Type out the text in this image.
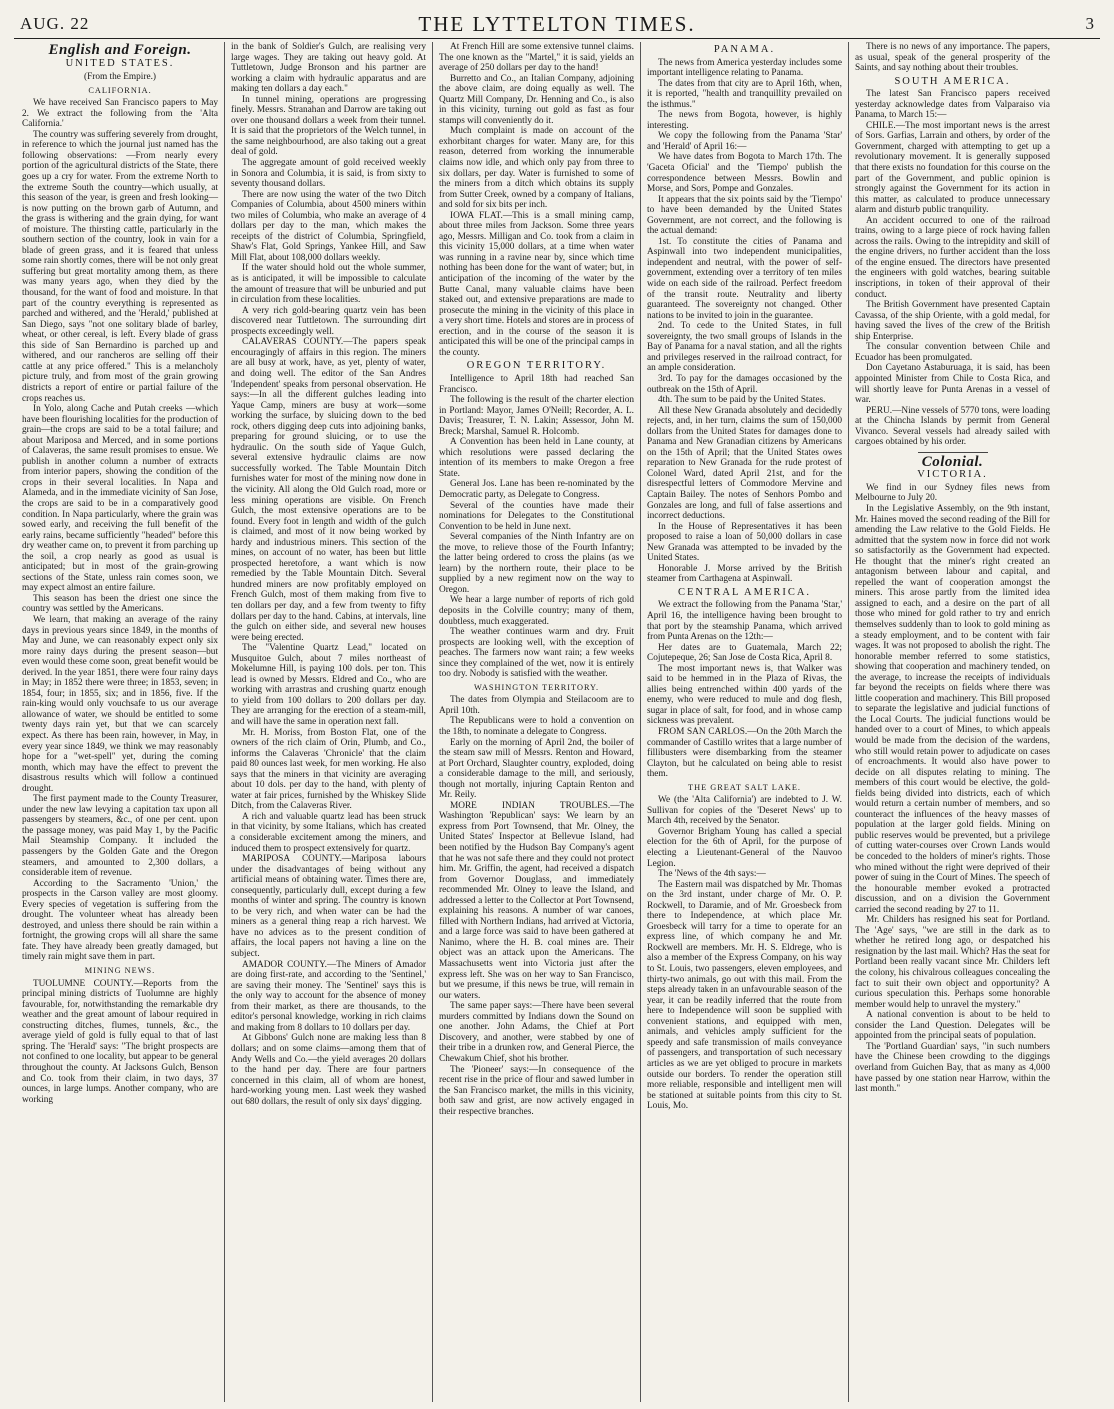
AUG. 22	THE LYTTELTON TIMES.	3
English and Foreign.
UNITED STATES.
(From the Empire.)
CALIFORNIA.

We have received San Francisco papers to May 2. We extract the following from the 'Alta California.'

The country was suffering severely from drought, in reference to which the journal just named has the following observations: —From nearly every portion of the agricultural districts of the State, there goes up a cry for water. From the extreme North to the extreme South the country—which usually, at this season of the year, is green and fresh looking—is now putting on the brown garb of Autumn, and the grass is withering and the grain dying, for want of moisture. The thirsting cattle, particularly in the southern section of the country, look in vain for a blade of green grass, and it is feared that unless some rain shortly comes, there will be not only great suffering but great mortality among them, as there was many years ago, when they died by the thousand, for the want of food and moisture. In that part of the country everything is represented as parched and withered, and the 'Herald,' published at San Diego, says "not one solitary blade of barley, wheat, or other cereal, is left. Every blade of grass this side of San Bernardino is parched up and withered, and our rancheros are selling off their cattle at any price offered." This is a melancholy picture truly, and from most of the grain growing districts a report of entire or partial failure of the crops reaches us.

In Yolo, along Cache and Putah creeks —which have been flourishing localities for the production of grain—the crops are said to be a total failure; and about Mariposa and Merced, and in some portions of Calaveras, the same result promises to ensue. We publish in another column a number of extracts from interior papers, showing the condition of the crops in their several localities. In Napa and Alameda, and in the immediate vicinity of San Jose, the crops are said to be in a comparatively good condition. In Napa particularly, where the grain was sowed early, and receiving the full benefit of the early rains, became sufficiently "headed" before this dry weather came on, to prevent it from parching up the soil, a crop nearly as good as usual is anticipated; but in most of the grain-growing sections of the State, unless rain comes soon, we may expect almost an entire failure.

This season has been the driest one since the country was settled by the Americans.

We learn, that making an average of the rainy days in previous years since 1849, in the months of May and June, we can reasonably expect only six more rainy days during the present season—but even would these come soon, great benefit would be derived. In the year 1851, there were four rainy days in May; in 1852 there were three; in 1853, seven; in 1854, four; in 1855, six; and in 1856, five. If the rain-king would only vouchsafe to us our average allowance of water, we should be entitled to some twenty days rain yet, but that we can scarcely expect. As there has been rain, however, in May, in every year since 1849, we think we may reasonably hope for a "wet-spell" yet, during the coming month, which may have the effect to prevent the disastrous results which will follow a continued drought.

The first payment made to the County Treasurer, under the new law levying a capitation tax upon all passengers by steamers, &c., of one per cent. upon the passage money, was paid May 1, by the Pacific Mail Steamship Company. It included the passengers by the Golden Gate and the Oregon steamers, and amounted to 2,300 dollars, a considerable item of revenue.

According to the Sacramento 'Union,' the prospects in the Carson valley are most gloomy. Every species of vegetation is suffering from the drought. The volunteer wheat has already been destroyed, and unless there should be rain within a fortnight, the growing crops will all share the same fate. They have already been greatly damaged, but timely rain might save them in part.

MINING NEWS.

TUOLUMNE COUNTY.—Reports from the principal mining districts of Tuolumne are highly favourable, for, notwithstanding the remarkable dry weather and the great amount of labour required in constructing ditches, flumes, tunnels, &c., the average yield of gold is fully equal to that of last spring. The 'Herald' says: "The bright prospects are not confined to one locality, but appear to be general throughout the county. At Jacksons Gulch, Benson and Co. took from their claim, in two days, 37 ounces, in large lumps. Another company, who are working

in the bank of Soldier's Gulch, are realising very large wages. They are taking out heavy gold. At Tuttletown, Judge Bronson and his partner are working a claim with hydraulic apparatus and are making ten dollars a day each."

In tunnel mining, operations are progressing finely. Messrs. Stranahan and Darrow are taking out over one thousand dollars a week from their tunnel. It is said that the proprietors of the Welch tunnel, in the same neighbourhood, are also taking out a great deal of gold.

The aggregate amount of gold received weekly in Sonora and Columbia, it is said, is from sixty to seventy thousand dollars.

There are now using the water of the two Ditch Companies of Columbia, about 4500 miners within two miles of Columbia, who make an average of 4 dollars per day to the man, which makes the receipts of the district of Columbia, Springfield, Shaw's Flat, Gold Springs, Yankee Hill, and Saw Mill Flat, about 108,000 dollars weekly.

If the water should hold out the whole summer, as is anticipated, it will be impossible to calculate the amount of treasure that will be unburied and put in circulation from these localities.

A very rich gold-bearing quartz vein has been discovered near Tuttletown. The surrounding dirt prospects exceedingly well.

CALAVERAS COUNTY.—The papers speak encouragingly of affairs in this region. The miners are all busy at work, have, as yet, plenty of water, and doing well. The editor of the San Andres 'Independent' speaks from personal observation. He says:—In all the different gulches leading into Yaque Camp, miners are busy at work—some working the surface, by sluicing down to the bed rock, others digging deep cuts into adjoining banks, preparing for ground sluicing, or to use the hydraulic. On the south side of Yaque Gulch, several extensive hydraulic claims are now successfully worked. The Table Mountain Ditch furnishes water for most of the mining now done in the vicinity. All along the Old Gulch road, more or less mining operations are visible. On French Gulch, the most extensive operations are to be found. Every foot in length and width of the gulch is claimed, and most of it now being worked by hardy and industrious miners. This section of the mines, on account of no water, has been but little prospected heretofore, a want which is now remedied by the Table Mountain Ditch. Several hundred miners are now profitably employed on French Gulch, most of them making from five to ten dollars per day, and a few from twenty to fifty dollars per day to the hand. Cabins, at intervals, line the gulch on either side, and several new houses were being erected.

The "Valentine Quartz Lead," located on Musquitoe Gulch, about 7 miles northeast of Mokelumne Hill, is paying 100 dols. per ton. This lead is owned by Messrs. Eldred and Co., who are working with arrastras and crushing quartz enough to yield from 100 dollars to 200 dollars per day. They are arranging for the erection of a steam-mill, and will have the same in operation next fall.

Mr. H. Moriss, from Boston Flat, one of the owners of the rich claim of Orin, Plumb, and Co., informs the Calaveras 'Chronicle' that the claim paid 80 ounces last week, for men working. He also says that the miners in that vicinity are averaging about 10 dols. per day to the hand, with plenty of water at fair prices, furnished by the Whiskey Slide Ditch, from the Calaveras River.

A rich and valuable quartz lead has been struck in that vicinity, by some Italians, which has created a considerable excitement among the miners, and induced them to prospect extensively for quartz.

MARIPOSA COUNTY.—Mariposa labours under the disadvantages of being without any artificial means of obtaining water. Times there are, consequently, particularly dull, except during a few months of winter and spring. The country is known to be very rich, and when water can be had the miners as a general thing reap a rich harvest. We have no advices as to the present condition of affairs, the local papers not having a line on the subject.

AMADOR COUNTY.—The Miners of Amador are doing first-rate, and according to the 'Sentinel,' are saving their money. The 'Sentinel' says this is the only way to account for the absence of money from their market, as there are thousands, to the editor's personal knowledge, working in rich claims and making from 8 dollars to 10 dollars per day.

At Gibbons' Gulch none are making less than 8 dollars; and on some claims—among them that of Andy Wells and Co.—the yield averages 20 dollars to the hand per day. There are four partners concerned in this claim, all of whom are honest, hard-working young men. Last week they washed out 680 dollars, the result of only six days' digging.

At French Hill are some extensive tunnel claims. The one known as the "Martel," it is said, yields an average of 250 dollars per day to the hand!

Burretto and Co., an Italian Company, adjoining the above claim, are doing equally as well. The Quartz Mill Company, Dr. Henning and Co., is also in this vicinity, turning out gold as fast as four stamps will conveniently do it.

Much complaint is made on account of the exhorbitant charges for water. Many are, for this reason, deterred from working the innumerable claims now idle, and which only pay from three to six dollars, per day. Water is furnished to some of the miners from a ditch which obtains its supply from Sutter Creek, owned by a company of Italians, and sold for six bits per inch.

IOWA FLAT.—This is a small mining camp, about three miles from Jackson. Some three years ago, Messrs. Milligan and Co. took from a claim in this vicinity 15,000 dollars, at a time when water was running in a ravine near by, since which time nothing has been done for the want of water; but, in anticipation of the incoming of the water by the Butte Canal, many valuable claims have been staked out, and extensive preparations are made to prosecute the mining in the vicinity of this place in a very short time. Hotels and stores are in process of erection, and in the course of the season it is anticipated this will be one of the principal camps in the county.

OREGON TERRITORY.

Intelligence to April 18th had reached San Francisco.

The following is the result of the charter election in Portland: Mayor, James O'Neill; Recorder, A. L. Davis; Treasurer, T. N. Lakin; Assessor, John M. Breck; Marshal, Samuel R. Holcomb.

A Convention has been held in Lane county, at which resolutions were passed declaring the intention of its members to make Oregon a free State.

General Jos. Lane has been re-nominated by the Democratic party, as Delegate to Congress.

Several of the counties have made their nominations for Delegates to the Constitutional Convention to be held in June next.

Several companies of the Ninth Infantry are on the move, to relieve those of the Fourth Infantry; the latter being ordered to cross the plains (as we learn) by the northern route, their place to be supplied by a new regiment now on the way to Oregon.

We hear a large number of reports of rich gold deposits in the Colville country; many of them, doubtless, much exaggerated.

The weather continues warm and dry. Fruit prospects are looking well, with the exception of peaches. The farmers now want rain; a few weeks since they complained of the wet, now it is entirely too dry. Nobody is satisfied with the weather.

WASHINGTON TERRITORY.

The dates from Olympia and Steilacoom are to April 10th.

The Republicans were to hold a convention on the 18th, to nominate a delegate to Congress.

Early on the morning of April 2nd, the boiler of the steam saw mill of Messrs. Renton and Howard, at Port Orchard, Slaughter country, exploded, doing a considerable damage to the mill, and seriously, though not mortally, injuring Captain Renton and Mr. Reily.

MORE INDIAN TROUBLES.—The Washington 'Republican' says: We learn by an express from Port Townsend, that Mr. Olney, the United States' Inspector at Bellevue Island, had been notified by the Hudson Bay Company's agent that he was not safe there and they could not protect him. Mr. Griffin, the agent, had received a dispatch from Governor Douglass, and immediately recommended Mr. Olney to leave the Island, and addressed a letter to the Collector at Port Townsend, explaining his reasons. A number of war canoes, filled with Northern Indians, had arrived at Victoria, and a large force was said to have been gathered at Nanimo, where the H. B. coal mines are. Their object was an attack upon the Americans. The Massachusetts went into Victoria just after the express left. She was on her way to San Francisco, but we presume, if this news be true, will remain in our waters.

The same paper says:—There have been several murders committed by Indians down the Sound on one another. John Adams, the Chief at Port Discovery, and another, were stabbed by one of their tribe in a drunken row, and General Pierce, the Chewakum Chief, shot his brother.

The 'Pioneer' says:—In consequence of the recent rise in the price of flour and sawed lumber in the San Francisco market, the mills in this vicinity, both saw and grist, are now actively engaged in their respective branches.

PANAMA.

The news from America yesterday includes some important intelligence relating to Panama.

The dates from that city are to April 16th, when, it is reported, "health and tranquillity prevailed on the isthmus."

The news from Bogota, however, is highly interesting.

We copy the following from the Panama 'Star' and 'Herald' of April 16:—

We have dates from Bogota to March 17th. The 'Gaceta Oficial' and the 'Tiempo' publish the correspondence between Messrs. Bowlin and Morse, and Sors, Pompe and Gonzales.

It appears that the six points said by the 'Tiempo' to have been demanded by the United States Government, are not correct, and the following is the actual demand:

1st. To constitute the cities of Panama and Aspinwall into two independent municipalities, independent and neutral, with the power of self-government, extending over a territory of ten miles wide on each side of the railroad. Perfect freedom of the transit route. Neutrality and liberty guaranteed. The sovereignty not changed. Other nations to be invited to join in the guarantee.

2nd. To cede to the United States, in full sovereignty, the two small groups of Islands in the Bay of Panama for a naval station, and all the rights and privileges reserved in the railroad contract, for an ample consideration.

3rd. To pay for the damages occasioned by the outbreak on the 15th of April.

4th. The sum to be paid by the United States.

All these New Granada absolutely and decidedly rejects, and, in her turn, claims the sum of 150,000 dollars from the United States for damages done to Panama and New Granadian citizens by Americans on the 15th of April; that the United States owes reparation to New Granada for the rude protest of Colonel Ward, dated April 21st, and for the disrespectful letters of Commodore Mervine and Captain Bailey. The notes of Senhors Pombo and Gonzales are long, and full of false assertions and incorrect deductions.

In the House of Representatives it has been proposed to raise a loan of 50,000 dollars in case New Granada was attempted to be invaded by the United States.

Honorable J. Morse arrived by the British steamer from Carthagena at Aspinwall.

CENTRAL AMERICA.

We extract the following from the Panama 'Star,' April 16, the intelligence having been brought to that port by the steamship Panama, which arrived from Punta Arenas on the 12th:—

Her dates are to Guatemala, March 22; Cojutepeque, 26; San Jose de Costa Rica, April 8.

The most important news is, that Walker was said to be hemmed in in the Plaza of Rivas, the allies being entrenched within 400 yards of the enemy, who were reduced to mule and dog flesh, sugar in place of salt, for food, and in whose camp sickness was prevalent.

FROM SAN CARLOS.—On the 20th March the commander of Castillo writes that a large number of fillibusters were disembarking from the steamer Clayton, but he calculated on being able to resist them.

THE GREAT SALT LAKE.

We (the 'Alta California') are indebted to J. W. Sullivan for copies of the 'Deseret News' up to March 4th, received by the Senator.

Governor Brigham Young has called a special election for the 6th of April, for the purpose of electing a Lieutenant-General of the Nauvoo Legion.

The 'News of the 4th says:—

The Eastern mail was dispatched by Mr. Thomas on the 3rd instant, under charge of Mr. O. P. Rockwell, to Daramie, and of Mr. Groesbeck from there to Independence, at which place Mr. Groesbeck will tarry for a time to operate for an express line, of which company he and Mr. Rockwell are members. Mr. H. S. Eldrege, who is also a member of the Express Company, on his way to St. Louis, two passengers, eleven employees, and thirty-two animals, go out with this mail. From the steps already taken in an unfavourable season of the year, it can be readily inferred that the route from here to Independence will soon be supplied with convenient stations, and equipped with men, animals, and vehicles amply sufficient for the speedy and safe transmission of mails conveyance of passengers, and transportation of such necessary articles as we are yet obliged to procure in markets outside our borders. To render the operation still more reliable, responsible and intelligent men will be stationed at suitable points from this city to St. Louis, Mo.

There is no news of any importance. The papers, as usual, speak of the general prosperity of the Saints, and say nothing about their troubles.

SOUTH AMERICA.

The latest San Francisco papers received yesterday acknowledge dates from Valparaiso via Panama, to March 15:—

CHILE.—The most important news is the arrest of Sors. Garfias, Larrain and others, by order of the Government, charged with attempting to get up a revolutionary movement. It is generally supposed that there exists no foundation for this course on the part of the Government, and public opinion is strongly against the Government for its action in this matter, as calculated to produce unnecessary alarm and disturb public tranquility.

An accident occurred to one of the railroad trains, owing to a large piece of rock having fallen across the rails. Owing to the intrepidity and skill of the engine drivers, no further accident than the loss of the engine ensued. The directors have presented the engineers with gold watches, bearing suitable inscriptions, in token of their approval of their conduct.

The British Government have presented Captain Cavassa, of the ship Oriente, with a gold medal, for having saved the lives of the crew of the British ship Enterprise.

The consular convention between Chile and Ecuador has been promulgated.

Don Cayetano Astaburuaga, it is said, has been appointed Minister from Chile to Costa Rica, and will shortly leave for Punta Arenas in a vessel of war.

PERU.—Nine vessels of 5770 tons, were loading at the Chincha Islands by permit from General Vivanco. Several vessels had already sailed with cargoes obtained by his order.

Colonial.
VICTORIA.

We find in our Sydney files news from Melbourne to July 20.

In the Legislative Assembly, on the 9th instant, Mr. Haines moved the second reading of the Bill for amending the Law relative to the Gold Fields. He admitted that the system now in force did not work so satisfactorily as the Government had expected. He thought that the miner's right created an antagonism between labour and capital, and repelled the want of cooperation amongst the miners. This arose partly from the limited idea assigned to each, and a desire on the part of all those who mined for gold rather to try and enrich themselves suddenly than to look to gold mining as a steady employment, and to be content with fair wages. It was not proposed to abolish the right. The honorable member referred to some statistics, showing that cooperation and machinery tended, on the average, to increase the receipts of individuals far beyond the receipts on fields where there was little cooperation and machinery. This Bill proposed to separate the legislative and judicial functions of the Local Courts. The judicial functions would be handed over to a court of Mines, to which appeals would be made from the decision of the wardens, who still would retain power to adjudicate on cases of encroachments. It would also have power to decide on all disputes relating to mining. The members of this court would be elective, the gold-fields being divided into districts, each of which would return a certain number of members, and so counteract the influences of the heavy masses of population at the larger gold fields. Mining on public reserves would be prevented, but a privilege of cutting water-courses over Crown Lands would be conceded to the holders of miner's rights. Those who mined without the right were deprived of their power of suing in the Court of Mines. The speech of the honourable member evoked a protracted discussion, and on a division the Government carried the second reading by 27 to 11.

Mr. Childers has resigned his seat for Portland. The 'Age' says, "we are still in the dark as to whether he retired long ago, or despatched his resignation by the last mail. Which? Has the seat for Portland been really vacant since Mr. Childers left the colony, his chivalrous colleagues concealing the fact to suit their own object and opportunity? A curious speculation this. Perhaps some honorable member would help to unravel the mystery."

A national convention is about to be held to consider the Land Question. Delegates will be appointed from the principal seats of population.

The 'Portland Guardian' says, "in such numbers have the Chinese been crowding to the diggings overland from Guichen Bay, that as many as 4,000 have passed by one station near Harrow, within the last month."
